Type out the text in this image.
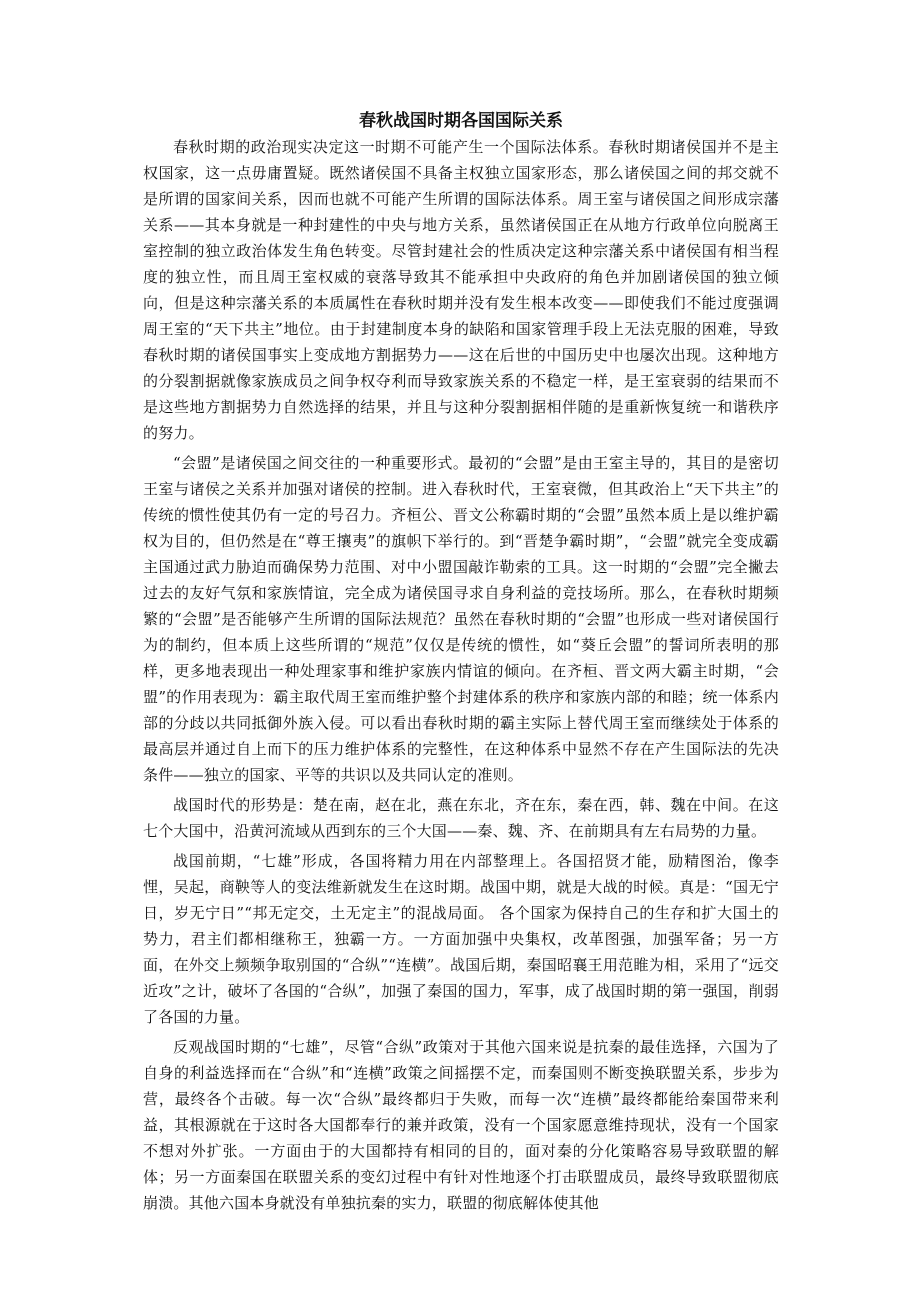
春秋战国时期各国国际关系

春秋时期的政治现实决定这一时期不可能产生一个国际法体系。春秋时期诸侯国并不是主权国家，这一点毋庸置疑。既然诸侯国不具备主权独立国家形态，那么诸侯国之间的邦交就不是所谓的国家间关系，因而也就不可能产生所谓的国际法体系。周王室与诸侯国之间形成宗藩关系——其本身就是一种封建性的中央与地方关系，虽然诸侯国正在从地方行政单位向脱离王室控制的独立政治体发生角色转变。尽管封建社会的性质决定这种宗藩关系中诸侯国有相当程度的独立性，而且周王室权威的衰落导致其不能承担中央政府的角色并加剧诸侯国的独立倾向，但是这种宗藩关系的本质属性在春秋时期并没有发生根本改变——即使我们不能过度强调周王室的“天下共主”地位。由于封建制度本身的缺陷和国家管理手段上无法克服的困难，导致春秋时期的诸侯国事实上变成地方割据势力——这在后世的中国历史中也屡次出现。这种地方的分裂割据就像家族成员之间争权夺利而导致家族关系的不稳定一样，是王室衰弱的结果而不是这些地方割据势力自然选择的结果，并且与这种分裂割据相伴随的是重新恢复统一和谐秩序的努力。

“会盟”是诸侯国之间交往的一种重要形式。最初的“会盟”是由王室主导的，其目的是密切王室与诸侯之关系并加强对诸侯的控制。进入春秋时代，王室衰微，但其政治上“天下共主”的传统的惯性使其仍有一定的号召力。齐桓公、晋文公称霸时期的“会盟”虽然本质上是以维护霸权为目的，但仍然是在“尊王攘夷”的旗帜下举行的。到“晋楚争霸时期”，“会盟”就完全变成霸主国通过武力胁迫而确保势力范围、对中小盟国敲诈勒索的工具。这一时期的“会盟”完全撇去过去的友好气氛和家族情谊，完全成为诸侯国寻求自身利益的竞技场所。那么，在春秋时期频繁的“会盟”是否能够产生所谓的国际法规范？虽然在春秋时期的“会盟”也形成一些对诸侯国行为的制约，但本质上这些所谓的“规范”仅仅是传统的惯性，如“葵丘会盟”的誓词所表明的那样，更多地表现出一种处理家事和维护家族内情谊的倾向。在齐桓、晋文两大霸主时期，“会盟”的作用表现为：霸主取代周王室而维护整个封建体系的秩序和家族内部的和睦；统一体系内部的分歧以共同抵御外族入侵。可以看出春秋时期的霸主实际上替代周王室而继续处于体系的最高层并通过自上而下的压力维护体系的完整性，在这种体系中显然不存在产生国际法的先决条件——独立的国家、平等的共识以及共同认定的准则。

战国时代的形势是：楚在南，赵在北，燕在东北，齐在东，秦在西，韩、魏在中间。在这七个大国中，沿黄河流域从西到东的三个大国——秦、魏、齐、在前期具有左右局势的力量。

战国前期，“七雄”形成，各国将精力用在内部整理上。各国招贤才能，励精图治，像李悝，吴起，商鞅等人的变法维新就发生在这时期。战国中期，就是大战的时候。真是：“国无宁日，岁无宁日”“邦无定交，土无定主”的混战局面。 各个国家为保持自己的生存和扩大国土的势力，君主们都相继称王，独霸一方。一方面加强中央集权，改革图强，加强军备；另一方面，在外交上频频争取别国的“合纵”“连横”。战国后期，秦国昭襄王用范睢为相，采用了“远交近攻”之计，破坏了各国的“合纵”，加强了秦国的国力，军事，成了战国时期的第一强国，削弱了各国的力量。

反观战国时期的“七雄”，尽管“合纵”政策对于其他六国来说是抗秦的最佳选择，六国为了自身的利益选择而在“合纵”和“连横”政策之间摇摆不定，而秦国则不断变换联盟关系，步步为营，最终各个击破。每一次“合纵”最终都归于失败，而每一次“连横”最终都能给秦国带来利益，其根源就在于这时各大国都奉行的兼并政策，没有一个国家愿意维持现状，没有一个国家不想对外扩张。一方面由于的大国都持有相同的目的，面对秦的分化策略容易导致联盟的解体；另一方面秦国在联盟关系的变幻过程中有针对性地逐个打击联盟成员，最终导致联盟彻底崩溃。其他六国本身就没有单独抗秦的实力，联盟的彻底解体使其他
